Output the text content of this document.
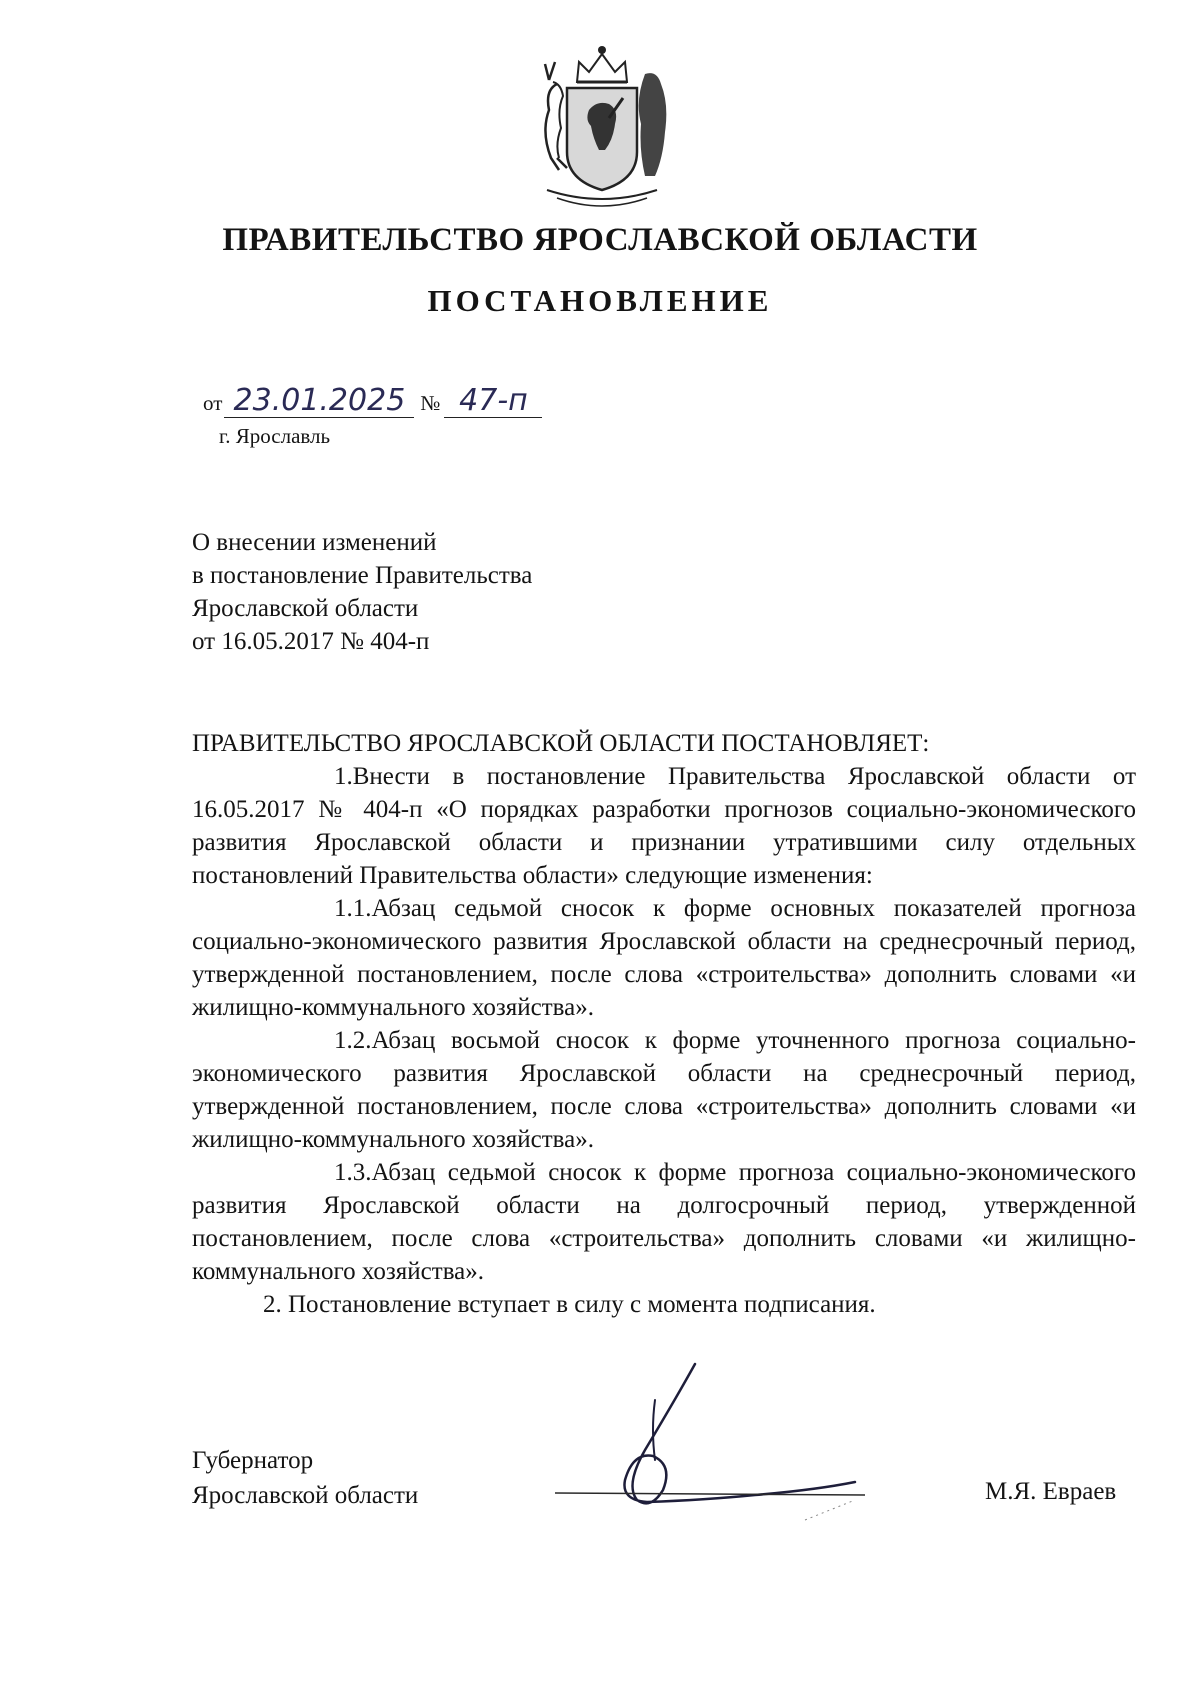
ПРАВИТЕЛЬСТВО ЯРОСЛАВСКОЙ ОБЛАСТИ
ПОСТАНОВЛЕНИЕ
от 23.01.2025 № 47-п
г. Ярославль
О внесении изменений
в постановление Правительства
Ярославской области
от 16.05.2017 № 404-п

ПРАВИТЕЛЬСТВО ЯРОСЛАВСКОЙ ОБЛАСТИ ПОСТАНОВЛЯЕТ:

1.Внести в постановление Правительства Ярославской области от 16.05.2017 № 404-п «О порядках разработки прогнозов социально-экономического развития Ярославской области и признании утратившими силу отдельных постановлений Правительства области» следующие изменения:

1.1.Абзац седьмой сносок к форме основных показателей прогноза социально-экономического развития Ярославской области на среднесрочный период, утвержденной постановлением, после слова «строительства» дополнить словами «и жилищно-коммунального хозяйства».

1.2.Абзац восьмой сносок к форме уточненного прогноза социально-экономического развития Ярославской области на среднесрочный период, утвержденной постановлением, после слова «строительства» дополнить словами «и жилищно-коммунального хозяйства».

1.3.Абзац седьмой сносок к форме прогноза социально-экономического развития Ярославской области на долгосрочный период, утвержденной постановлением, после слова «строительства» дополнить словами «и жилищно-коммунального хозяйства».

2. Постановление вступает в силу с момента подписания.

Губернатор
Ярославской области	М.Я. Евраев
